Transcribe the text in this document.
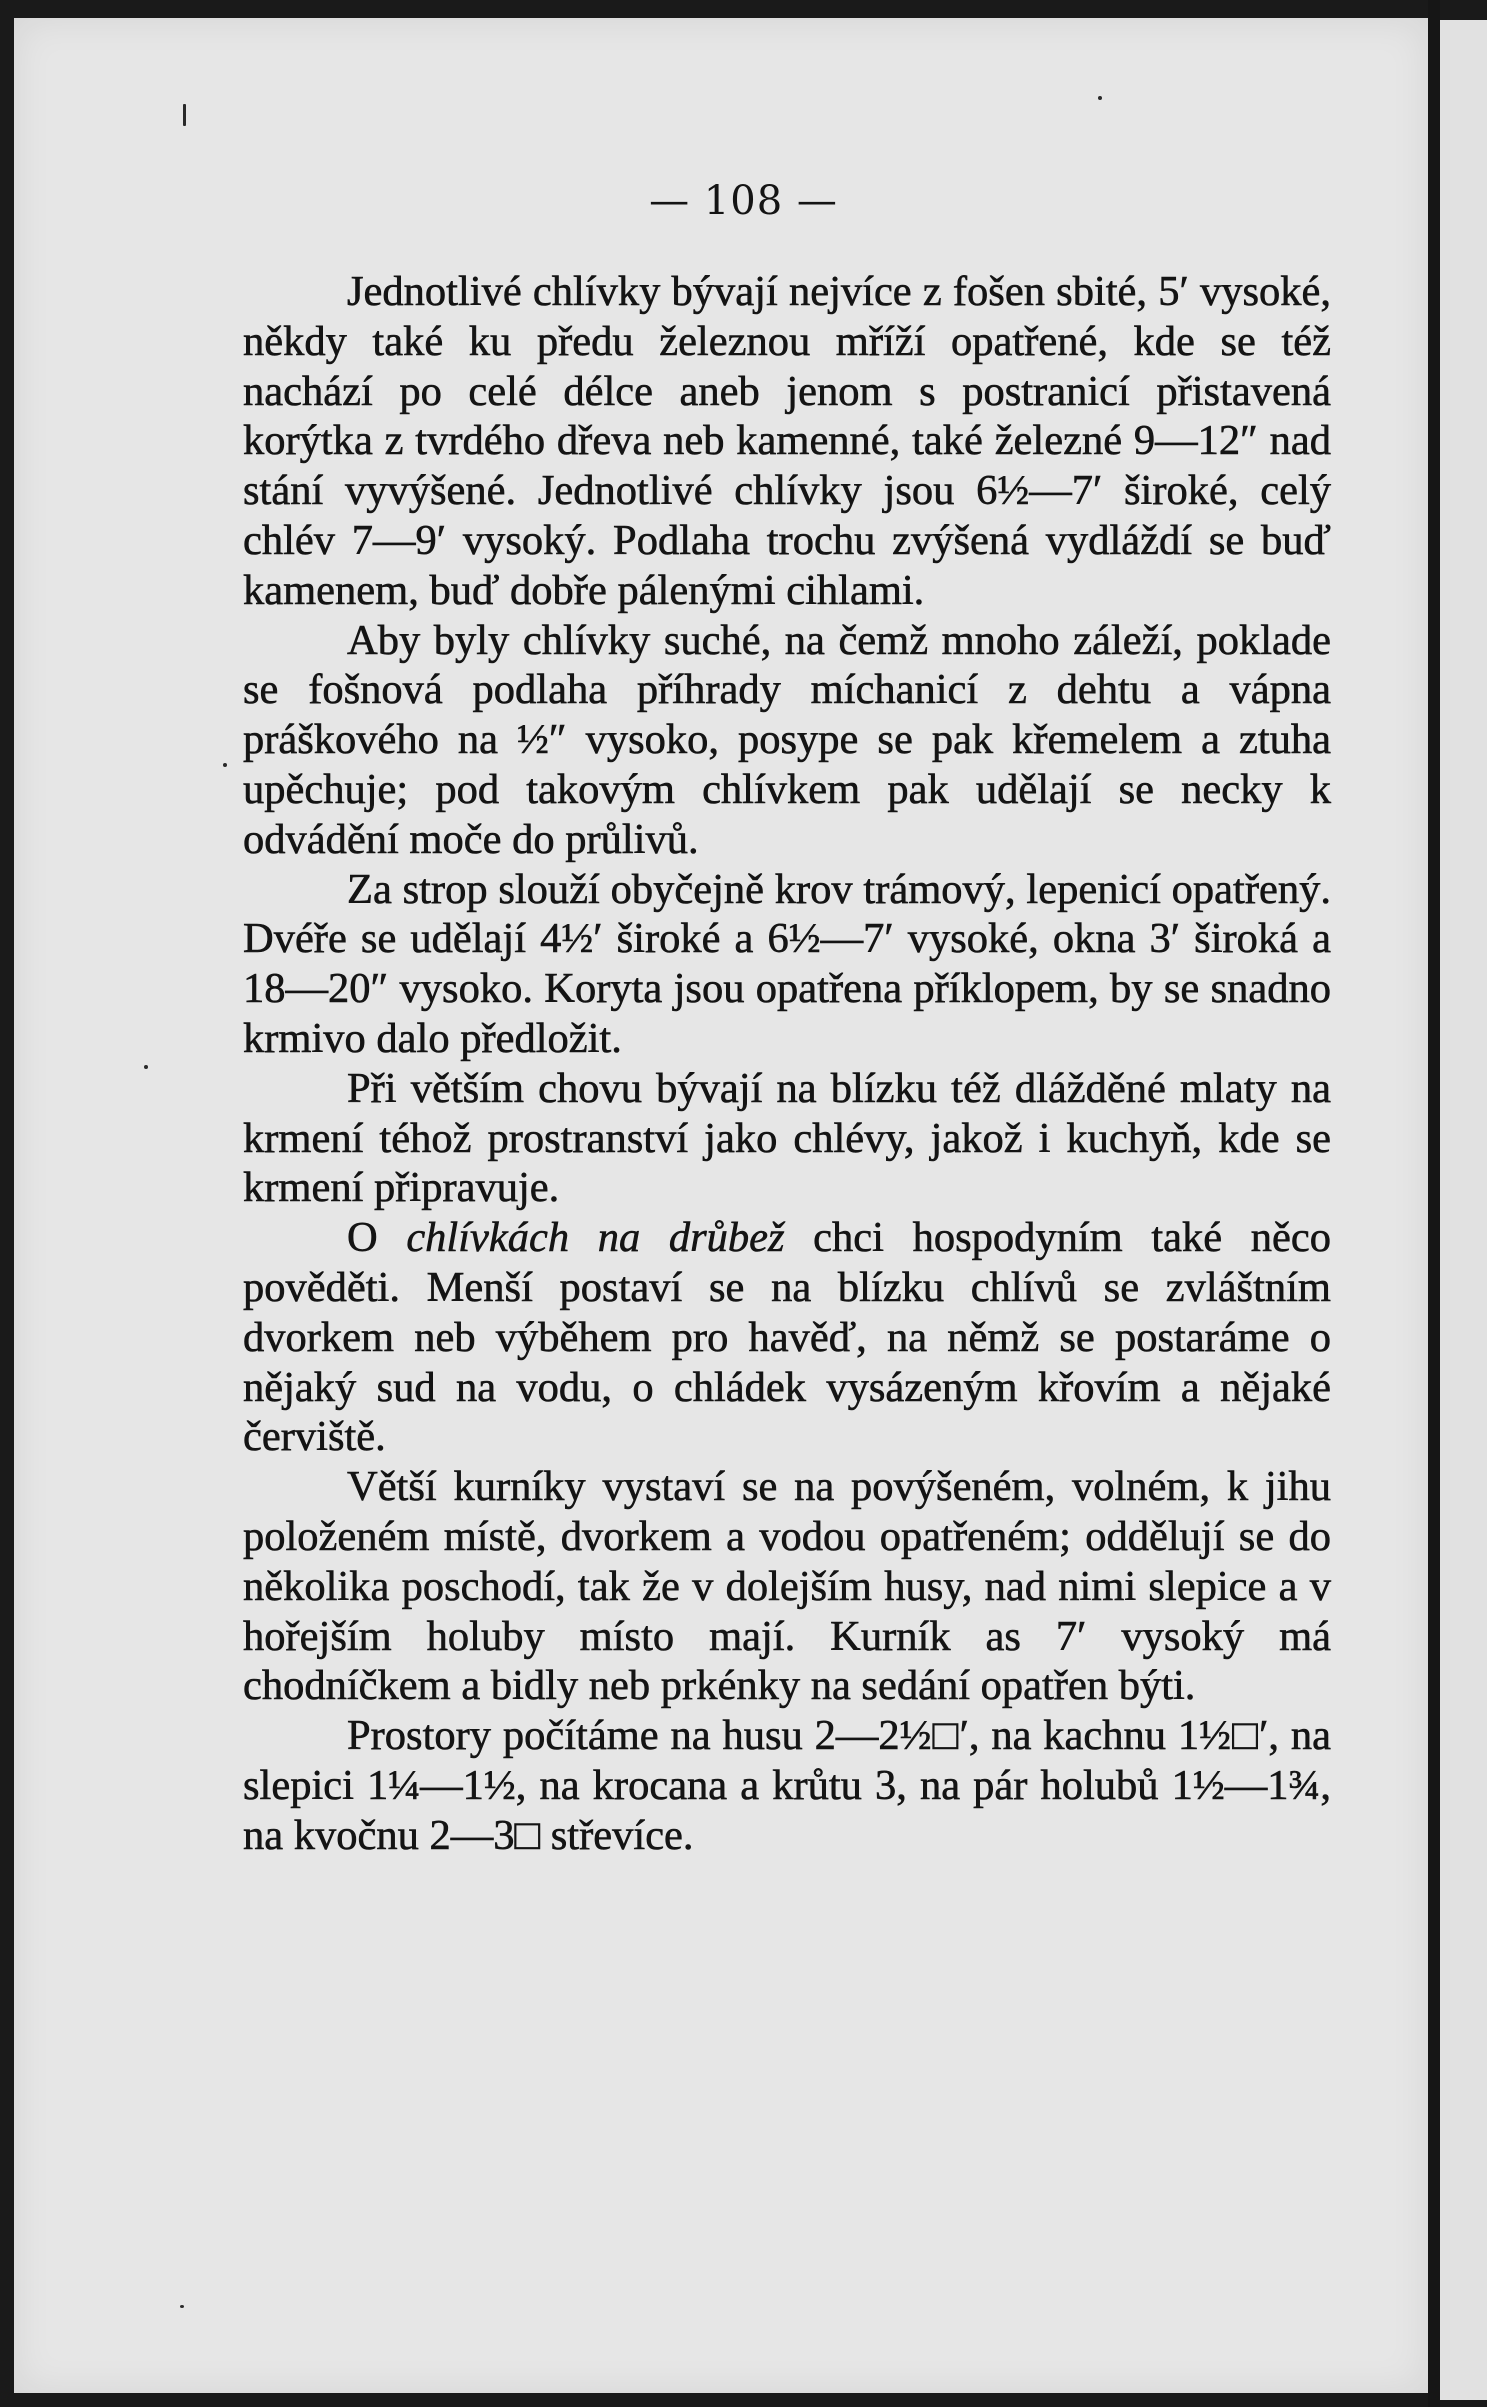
— 108 —

Jednotlivé chlívky bývají nejvíce z fošen sbité, 5′ vysoké, někdy také ku předu železnou mříží opatřené, kde se též nachází po celé délce aneb jenom s postranicí přistavená korýtka z tvrdého dřeva neb kamenné, také železné 9—12″ nad stání vyvýšené. Jednotlivé chlívky jsou 6½—7′ široké, celý chlév 7—9′ vysoký. Podlaha trochu zvýšená vydláždí se buď kamenem, buď dobře pálenými cihlami.

Aby byly chlívky suché, na čemž mnoho záleží, poklade se fošnová podlaha příhrady míchanicí z dehtu a vápna práškového na ½″ vysoko, posype se pak křemelem a ztuha upěchuje; pod takovým chlívkem pak udělají se necky k odvádění moče do průlivů.

Za strop slouží obyčejně krov trámový, lepenicí opatřený. Dvéře se udělají 4½′ široké a 6½—7′ vysoké, okna 3′ široká a 18—20″ vysoko. Koryta jsou opatřena příklopem, by se snadno krmivo dalo předložit.

Při větším chovu bývají na blízku též dlážděné mlaty na krmení téhož prostranství jako chlévy, jakož i kuchyň, kde se krmení připravuje.

O chlívkách na drůbež chci hospodyním také něco pověděti. Menší postaví se na blízku chlívů se zvláštním dvorkem neb výběhem pro havěď, na němž se postaráme o nějaký sud na vodu, o chládek vysázeným křovím a nějaké červiště.

Větší kurníky vystaví se na povýšeném, volném, k jihu položeném místě, dvorkem a vodou opatřeném; oddělují se do několika poschodí, tak že v dolejším husy, nad nimi slepice a v hořejším holuby místo mají. Kurník as 7′ vysoký má chodníčkem a bidly neb prkénky na sedání opatřen býti.

Prostory počítáme na husu 2—2½□′, na kachnu 1½□′, na slepici 1¼—1½, na krocana a krůtu 3, na pár holubů 1½—1¾, na kvočnu 2—3□ střevíce.
